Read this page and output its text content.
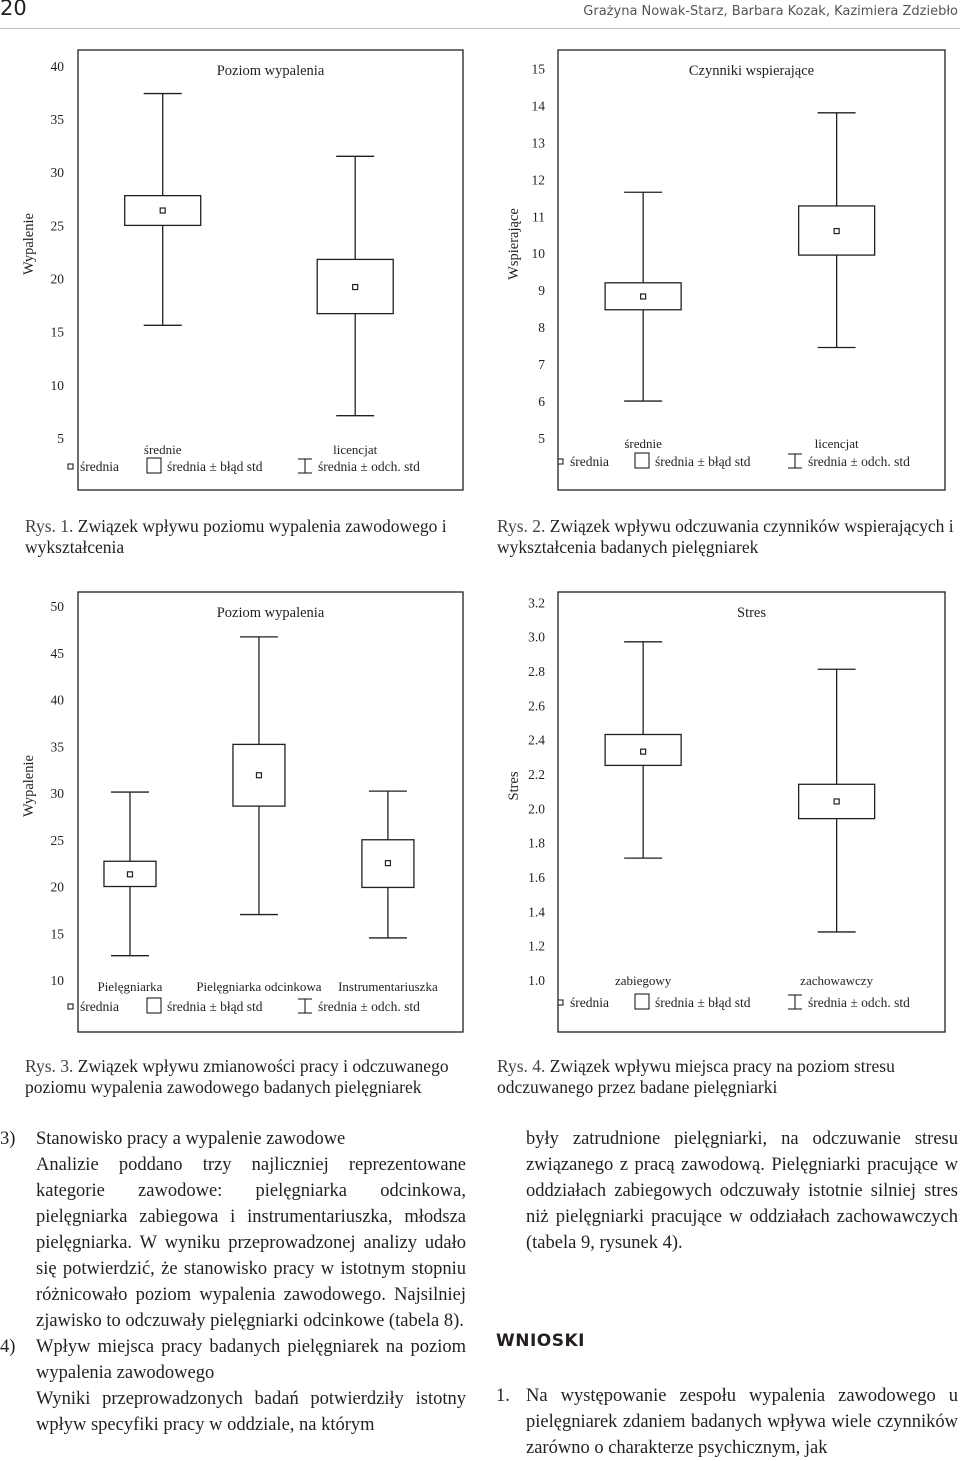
20	Grażyna Nowak-Starz, Barbara Kozak, Kazimiera Zdziebło
Poziom wypalenia
Wypalenie
40
35
30
25
20
15
10
5
średnie	licencjat
średnia	średnia ± błąd std	średnia ± odch. std
Czynniki wspierające
Wspierające
15
14
13
12
11
10
9
8
7
6
5	średnie	licencjat
średnia	średnia ± błąd std	średnia ± odch. std
Poziom wypalenia
Wypalenie
50
45
40
35
30
25
20
15
10	Pielęgniarka	Pielęgniarka odcinkowa Instrumentariuszka
średnia	średnia ± błąd std	średnia ± odch. std
Stres
Stres
3.2
3.0
2.8
2.6
2.4
2.2
2.0
1.8
1.6
1.4
1.2
1.0	zabiegowy	zachowawczy
średnia	średnia ± błąd std	średnia ± odch. std
Rys. 1. Związek wpływu poziomu wypalenia zawodowego i wykształcenia
Rys. 2. Związek wpływu odczuwania czynników wspierających i wykształcenia badanych pielęgniarek
Rys. 3. Związek wpływu zmianowości pracy i odczuwanego poziomu wypalenia zawodowego badanych pielęgniarek
Rys. 4. Związek wpływu miejsca pracy na poziom stresu odczuwanego przez badane pielęgniarki
3) Stanowisko pracy a wypalenie zawodowe

Analizie poddano trzy najliczniej reprezentowane kategorie zawodowe: pielęgniarka odcinkowa, pielęgniarka zabiegowa i instrumentariuszka, młodsza pielęgniarka. W wyniku przeprowadzonej analizy udało się potwierdzić, że stanowisko pracy w istotnym stopniu różnicowało poziom wypalenia zawodowego. Najsilniej zjawisko to odczuwały pielęgniarki odcinkowe (tabela 8).

4) Wpływ miejsca pracy badanych pielęgniarek na poziom wypalenia zawodowego

Wyniki przeprowadzonych badań potwierdziły istotny wpływ specyfiki pracy w oddziale, na którym

były zatrudnione pielęgniarki, na odczuwanie stresu związanego z pracą zawodową. Pielęgniarki pracujące w oddziałach zabiegowych odczuwały istotnie silniej stres niż pielęgniarki pracujące w oddziałach zachowawczych (tabela 9, rysunek 4).

WNIOSKI
1. Na występowanie zespołu wypalenia zawodowego u pielęgniarek zdaniem badanych wpływa wiele czynników zarówno o charakterze psychicznym, jak
